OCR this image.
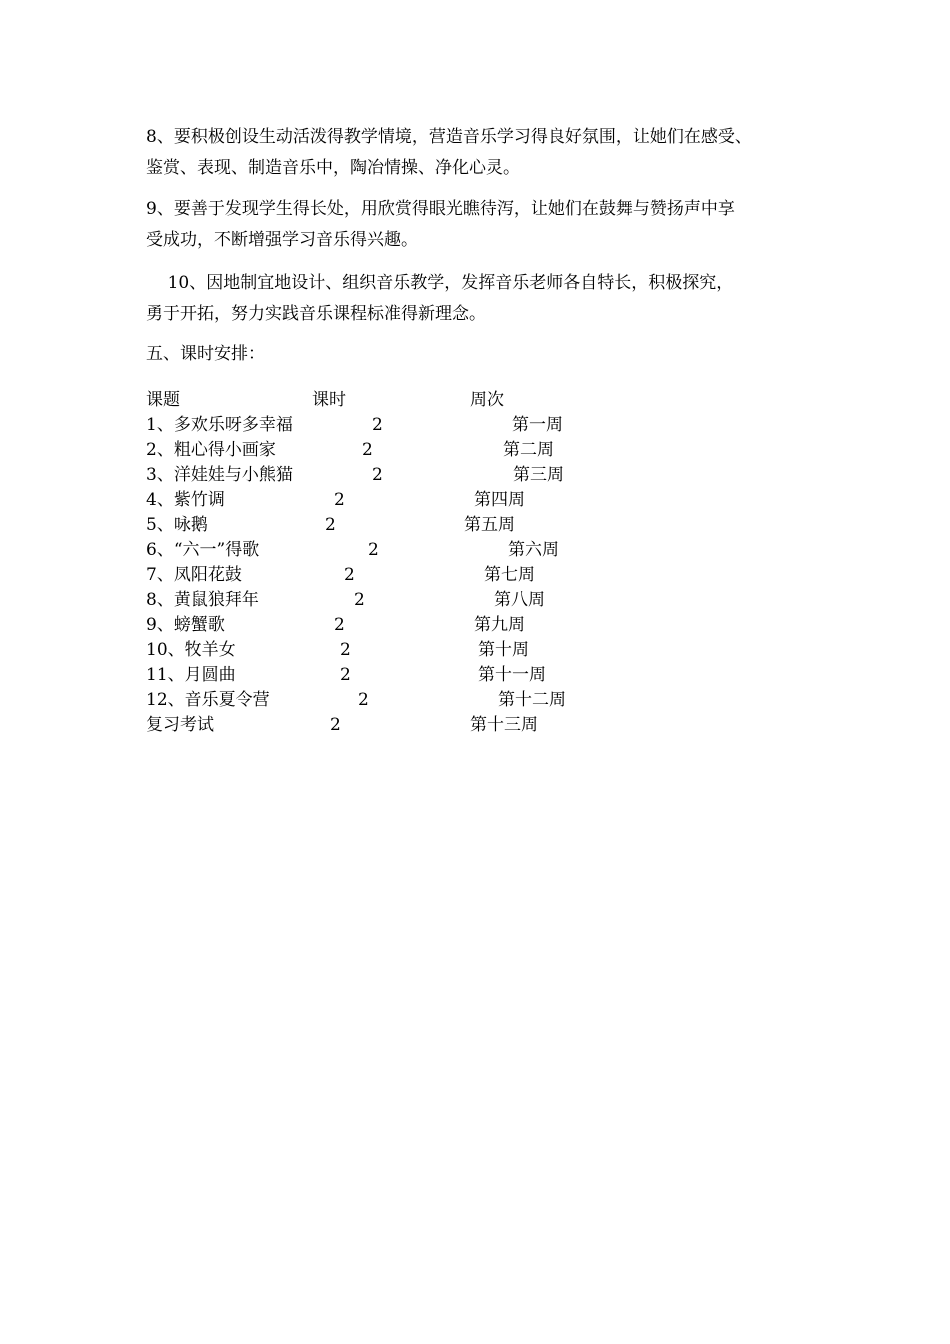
8、要积极创设生动活泼得教学情境，营造音乐学习得良好氛围，让她们在感受、
鉴赏、表现、制造音乐中，陶冶情操、净化心灵。

9、要善于发现学生得长处，用欣赏得眼光瞧待泻，让她们在鼓舞与赞扬声中享
受成功，不断增强学习音乐得兴趣。

10、因地制宜地设计、组织音乐教学，发挥音乐老师各自特长，积极探究，
勇于开拓，努力实践音乐课程标准得新理念。

五、课时安排：

课题	课时	周次
1、多欢乐呀多幸福	2	第一周
2、粗心得小画家	2	第二周
3、洋娃娃与小熊猫	2	第三周
4、紫竹调	2	第四周
5、咏鹅	2	第五周
6、“六一”得歌	2	第六周
7、凤阳花鼓	2	第七周
8、黄鼠狼拜年	2	第八周
9、螃蟹歌	2	第九周
10、牧羊女	2	第十周
11、月圆曲	2	第十一周
12、音乐夏令营	2	第十二周
复习考试	2	第十三周
